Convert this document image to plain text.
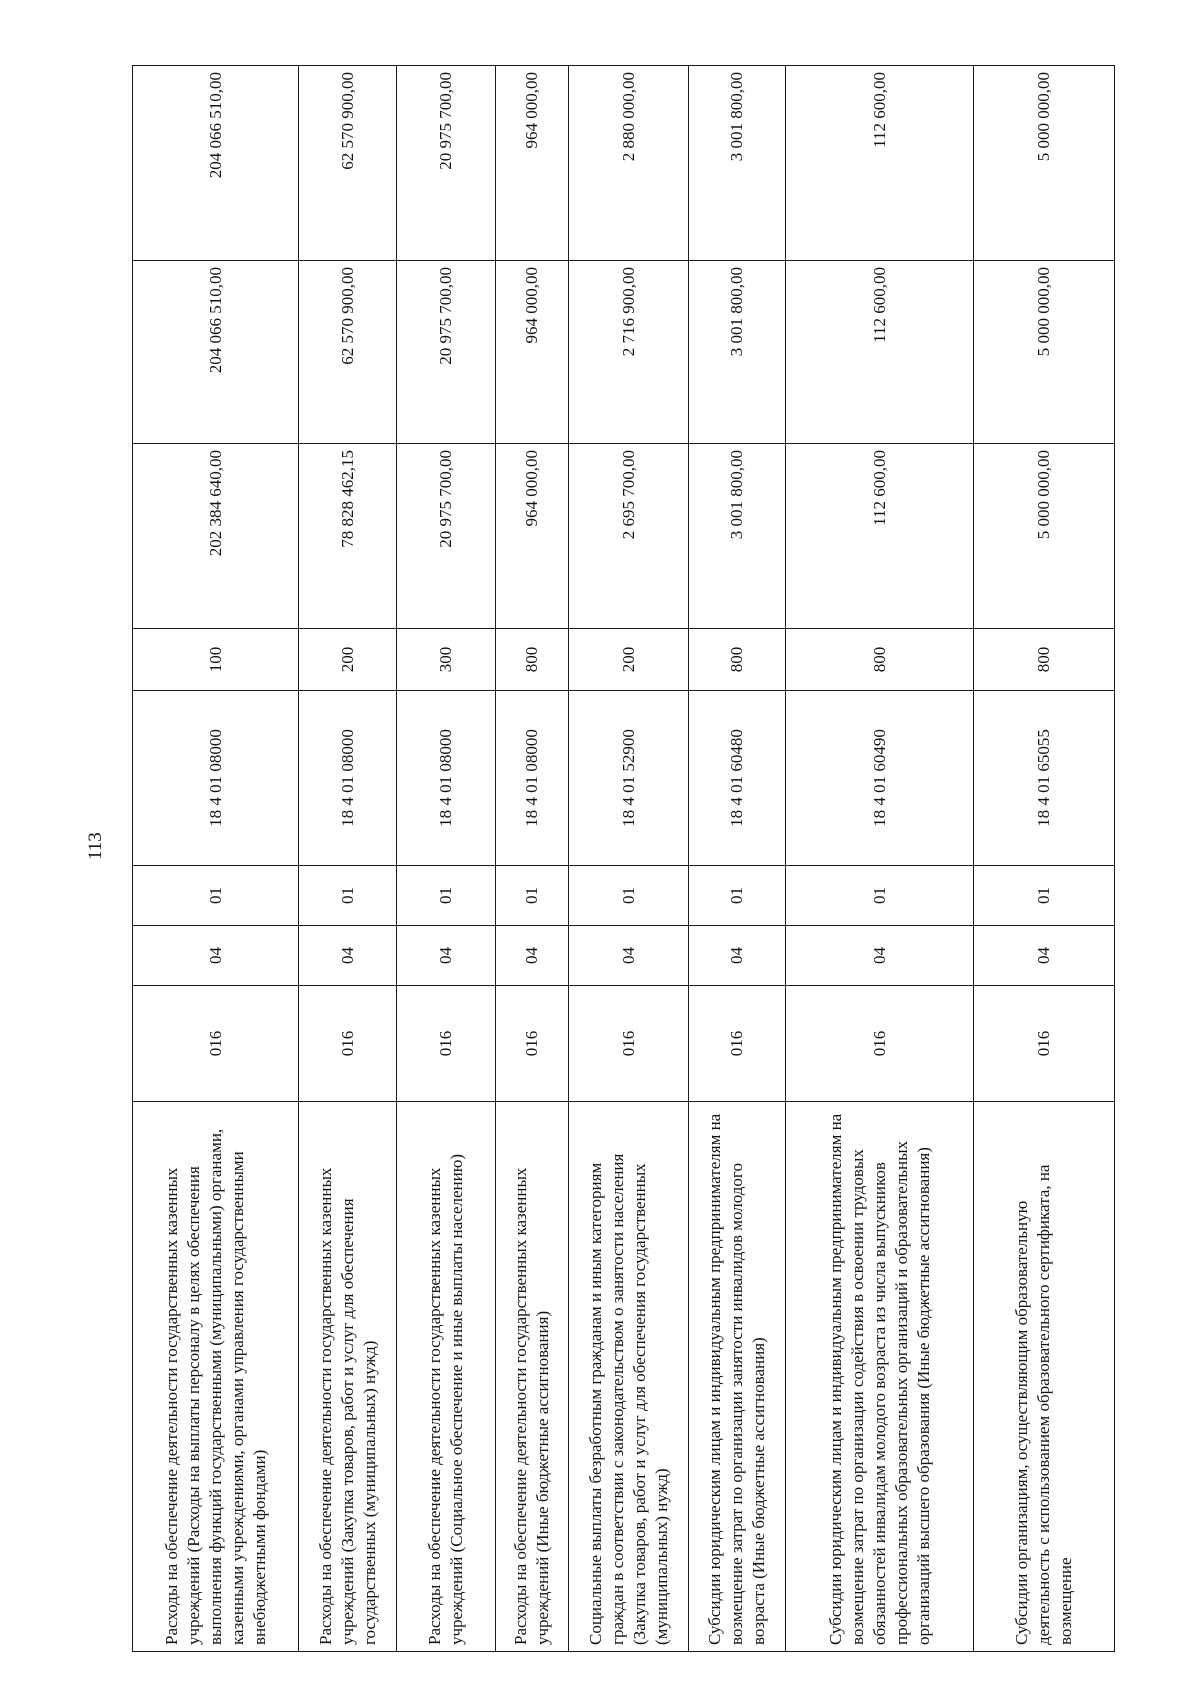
113
Расходы на обеспечение деятельности государственных казенных учреждений (Расходы на выплаты персоналу в целях обеспечения выполнения функций государственными (муниципальными) органами, казенными учреждениями, органами управления государственными внебюджетными фондами)	016	04	01	18 4 01 08000	100	202 384 640,00	204 066 510,00	204 066 510,00
Расходы на обеспечение деятельности государственных казенных учреждений (Закупка товаров, работ и услуг для обеспечения государственных (муниципальных) нужд)	016	04	01	18 4 01 08000	200	78 828 462,15	62 570 900,00	62 570 900,00
Расходы на обеспечение деятельности государственных казенных учреждений (Социальное обеспечение и иные выплаты населению)	016	04	01	18 4 01 08000	300	20 975 700,00	20 975 700,00	20 975 700,00
Расходы на обеспечение деятельности государственных казенных учреждений (Иные бюджетные ассигнования)	016	04	01	18 4 01 08000	800	964 000,00	964 000,00	964 000,00
Социальные выплаты безработным гражданам и иным категориям граждан в соответствии с законодательством о занятости населения (Закупка товаров, работ и услуг для обеспечения государственных (муниципальных) нужд)	016	04	01	18 4 01 52900	200	2 695 700,00	2 716 900,00	2 880 000,00
Субсидии юридическим лицам и индивидуальным предпринимателям на возмещение затрат по организации занятости инвалидов молодого возраста (Иные бюджетные ассигнования)	016	04	01	18 4 01 60480	800	3 001 800,00	3 001 800,00	3 001 800,00
Субсидии юридическим лицам и индивидуальным предпринимателям на возмещение затрат по организации содействия в освоении трудовых обязанностей инвалидам молодого возраста из числа выпускников профессиональных образовательных организаций и образовательных организаций высшего образования (Иные бюджетные ассигнования)	016	04	01	18 4 01 60490	800	112 600,00	112 600,00	112 600,00
Субсидии организациям, осуществляющим образовательную деятельность с использованием образовательного сертификата, на возмещение	016	04	01	18 4 01 65055	800	5 000 000,00	5 000 000,00	5 000 000,00
